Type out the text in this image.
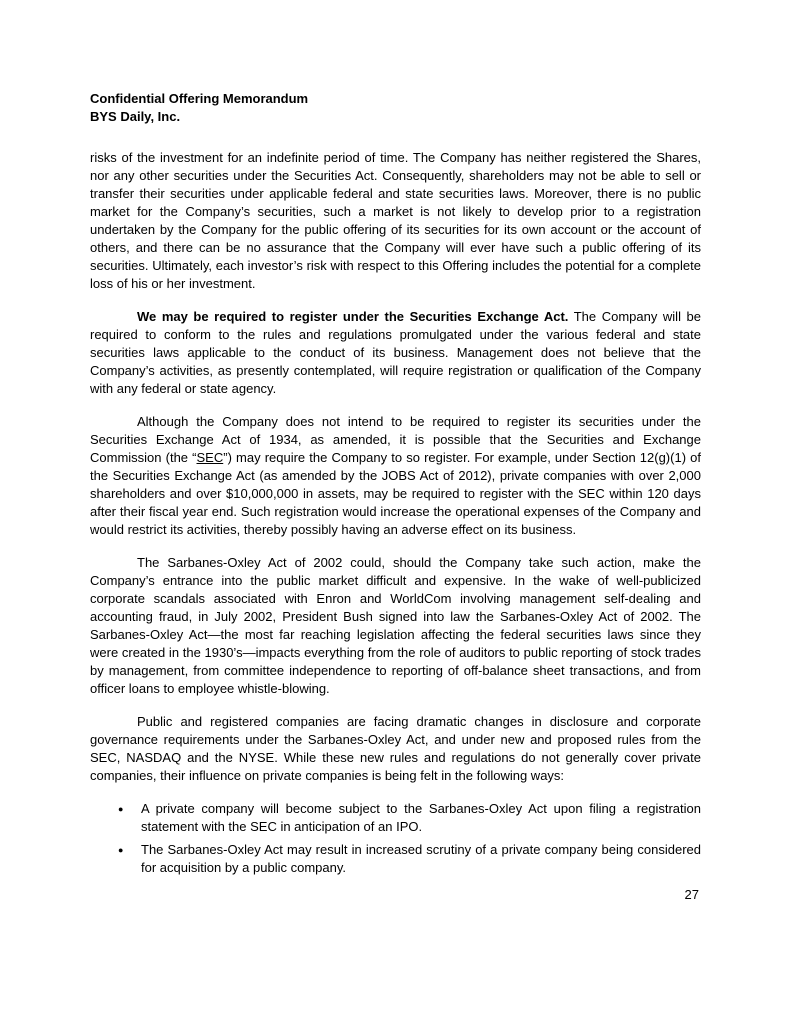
Confidential Offering Memorandum
BYS Daily, Inc.

risks of the investment for an indefinite period of time. The Company has neither registered the Shares, nor any other securities under the Securities Act. Consequently, shareholders may not be able to sell or transfer their securities under applicable federal and state securities laws. Moreover, there is no public market for the Company’s securities, such a market is not likely to develop prior to a registration undertaken by the Company for the public offering of its securities for its own account or the account of others, and there can be no assurance that the Company will ever have such a public offering of its securities. Ultimately, each investor’s risk with respect to this Offering includes the potential for a complete loss of his or her investment.

We may be required to register under the Securities Exchange Act. The Company will be required to conform to the rules and regulations promulgated under the various federal and state securities laws applicable to the conduct of its business. Management does not believe that the Company’s activities, as presently contemplated, will require registration or qualification of the Company with any federal or state agency.

Although the Company does not intend to be required to register its securities under the Securities Exchange Act of 1934, as amended, it is possible that the Securities and Exchange Commission (the “SEC”) may require the Company to so register. For example, under Section 12(g)(1) of the Securities Exchange Act (as amended by the JOBS Act of 2012), private companies with over 2,000 shareholders and over $10,000,000 in assets, may be required to register with the SEC within 120 days after their fiscal year end. Such registration would increase the operational expenses of the Company and would restrict its activities, thereby possibly having an adverse effect on its business.

The Sarbanes-Oxley Act of 2002 could, should the Company take such action, make the Company’s entrance into the public market difficult and expensive. In the wake of well-publicized corporate scandals associated with Enron and WorldCom involving management self-dealing and accounting fraud, in July 2002, President Bush signed into law the Sarbanes-Oxley Act of 2002. The Sarbanes-Oxley Act—the most far reaching legislation affecting the federal securities laws since they were created in the 1930’s—impacts everything from the role of auditors to public reporting of stock trades by management, from committee independence to reporting of off-balance sheet transactions, and from officer loans to employee whistle-blowing.

Public and registered companies are facing dramatic changes in disclosure and corporate governance requirements under the Sarbanes-Oxley Act, and under new and proposed rules from the SEC, NASDAQ and the NYSE. While these new rules and regulations do not generally cover private companies, their influence on private companies is being felt in the following ways:

●	A private company will become subject to the Sarbanes-Oxley Act upon filing a registration statement with the SEC in anticipation of an IPO.
●	The Sarbanes-Oxley Act may result in increased scrutiny of a private company being considered for acquisition by a public company.
27
